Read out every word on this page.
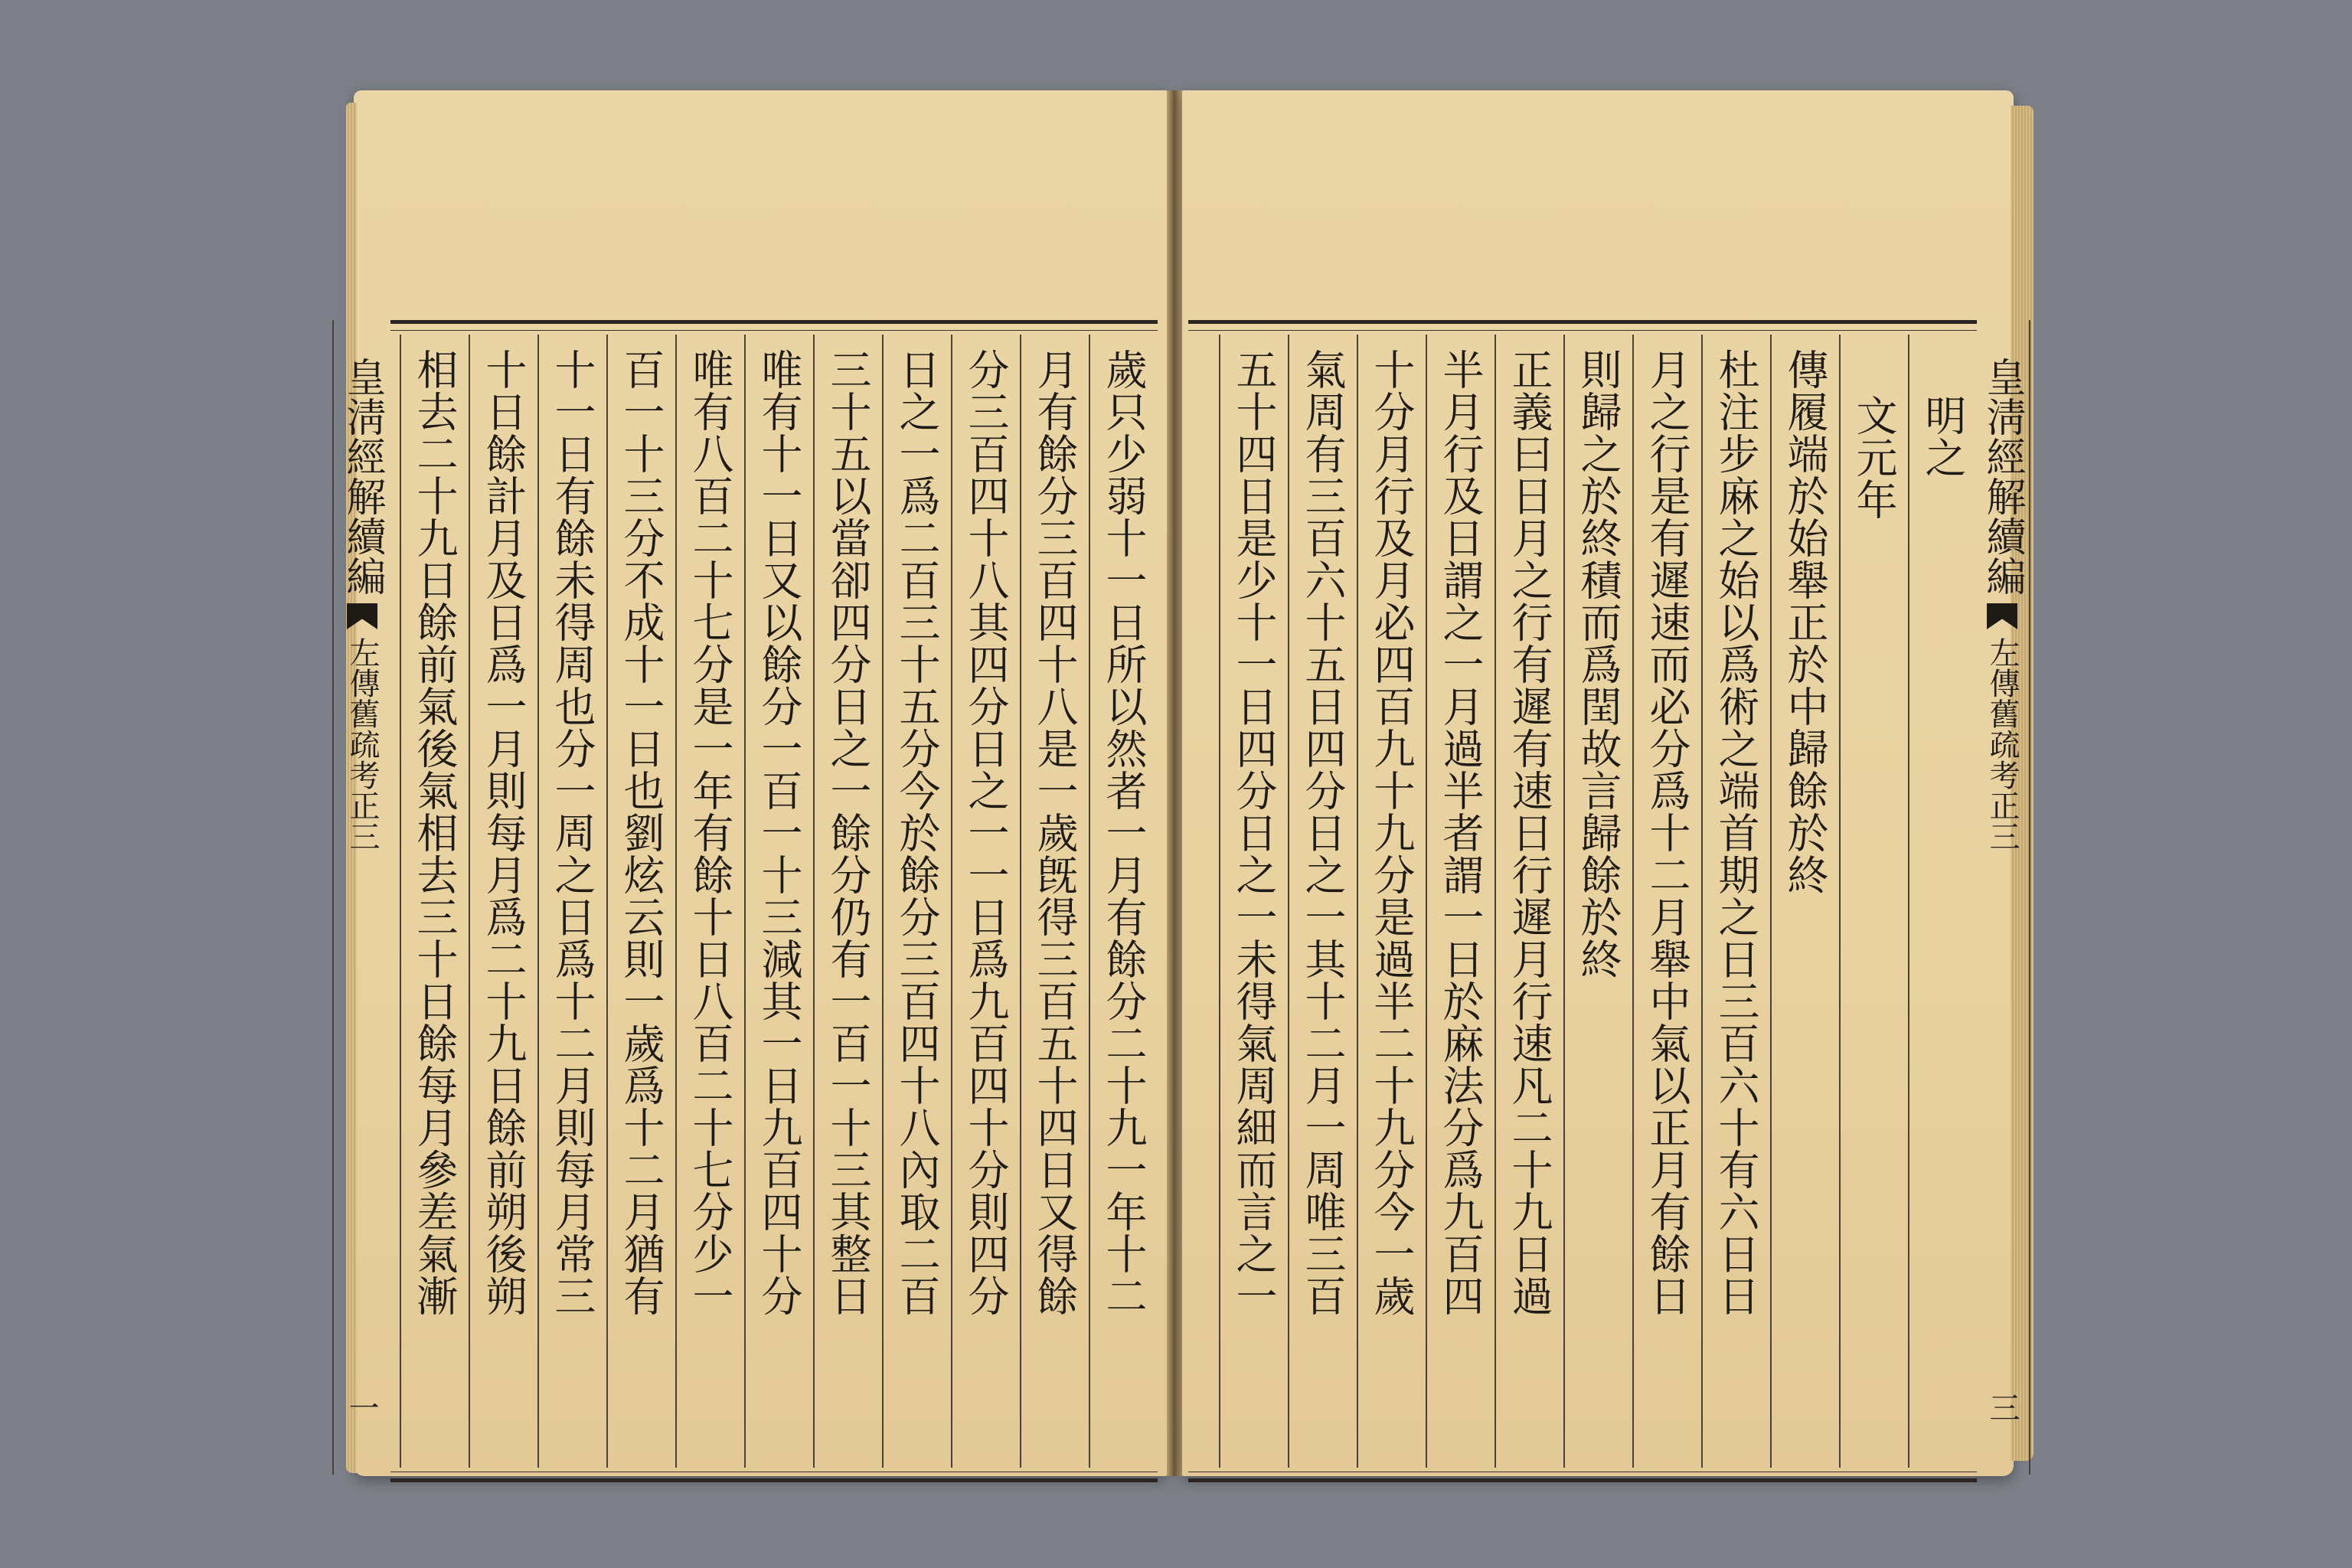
皇淸經解續編左傳舊疏考正三	歲只少弱十一日所以然者一月有餘分二十九一年十二
月有餘分三百四十八是一歲旣得三百五十四日又得餘
分三百四十八其四分日之一一日爲九百四十分則四分
日之一爲二百三十五分今於餘分三百四十八內取二百
三十五以當卻四分日之一餘分仍有一百一十三其整日
唯有十一日又以餘分一百一十三減其一日九百四十分
唯有八百二十七分是一年有餘十日八百二十七分少一
百一十三分不成十一日也劉炫云則一歲爲十二月猶有
十一日有餘未得周也分一周之日爲十二月則每月常三
十日餘計月及日爲一月則每月爲二十九日餘前朔後朔
相去二十九日餘前氣後氣相去三十日餘每月參差氣漸
一
明之
文元年
傳履端於始舉正於中歸餘於終
杜注步麻之始以爲術之端首期之日三百六十有六日日
月之行是有遲速而必分爲十二月舉中氣以正月有餘日
則歸之於終積而爲閏故言歸餘於終
正義曰日月之行有遲有速日行遲月行速凡二十九日過
半月行及日謂之一月過半者謂一日於麻法分爲九百四
十分月行及月必四百九十九分是過半二十九分今一歲
氣周有三百六十五日四分日之一其十二月一周唯三百
五十四日是少十一日四分日之一未得氣周細而言之一	皇淸經解續編左傳舊疏考正三
三
